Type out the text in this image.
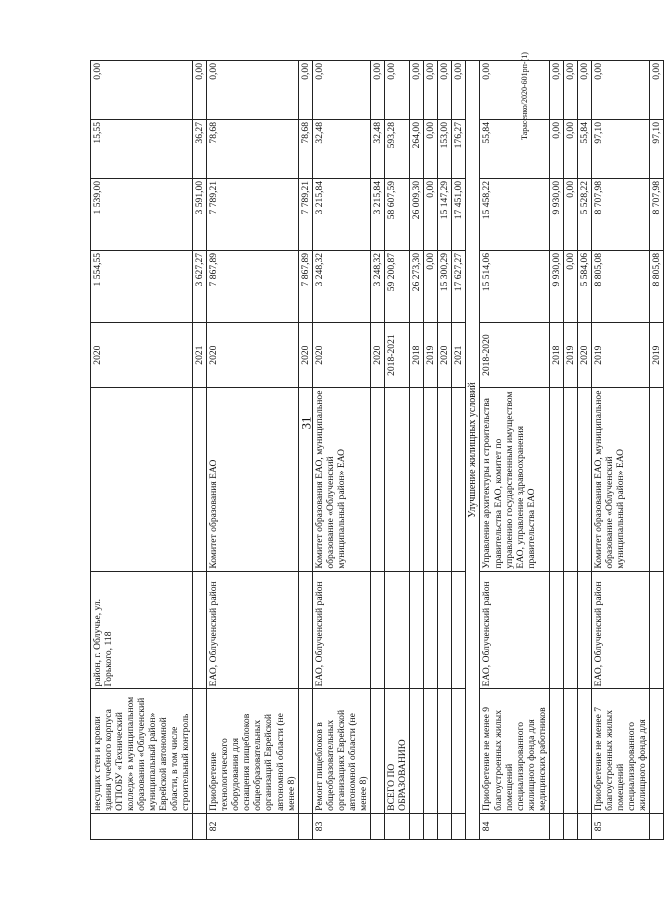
31
Тарасенко/2020-601рп-(1)
	несущих стен и кровли здания учебного корпуса ОГПОБУ «Технический колледж» в муниципальном образовании «Облученский муниципальный район» Еврейской автономной области, в том числе строительный контроль	район, г. Облучье, ул. Горького, 118		2020	1 554,55	1 539,00	15,55	0,00
				2021	3 627,27	3 591,00	36,27	0,00
82	Приобретение технологического оборудования для оснащения пищеблоков общеобразовательных организаций Еврейской автономной области (не менее 8)	ЕАО, Облученский район	Комитет образования ЕАО	2020	7 867,89	7 789,21	78,68	0,00
				2020	7 867,89	7 789,21	78,68	0,00
83	Ремонт пищеблоков в общеобразовательных организациях Еврейской автономной области (не менее 8)	ЕАО, Облученский район	Комитет образования ЕАО, муниципальное образование «Облученский муниципальный район» ЕАО	2020	3 248,32	3 215,84	32,48	0,00
				2020	3 248,32	3 215,84	32,48	0,00
	ВСЕГО ПО ОБРАЗОВАНИЮ			2018-2021	59 200,87	58 607,59	593,28	0,00
				2018	26 273,30	26 009,30	264,00	0,00
				2019	0,00	0,00	0,00	0,00
				2020	15 300,29	15 147,29	153,00	0,00
				2021	17 627,27	17 451,00	176,27	0,00
Улучшение жилищных условий								
84	Приобретение не менее 9 благоустроенных жилых помещений специализированного жилищного фонда для медицинских работников	ЕАО, Облученский район	Управление архитектуры и строительства правительства ЕАО, комитет по управлению государственным имуществом ЕАО, управление здравоохранения правительства ЕАО	2018-2020	15 514,06	15 458,22	55,84	0,00
				2018	9 930,00	9 930,00	0,00	0,00
				2019	0,00	0,00	0,00	0,00
				2020	5 584,06	5 528,22	55,84	0,00
85	Приобретение не менее 7 благоустроенных жилых помещений специализированного жилищного фонда для	ЕАО, Облученский район	Комитет образования ЕАО, муниципальное образование «Облученский муниципальный район» ЕАО	2019	8 805,08	8 707,98	97,10	0,00
				2019	8 805,08	8 707,98	97,10	0,00
